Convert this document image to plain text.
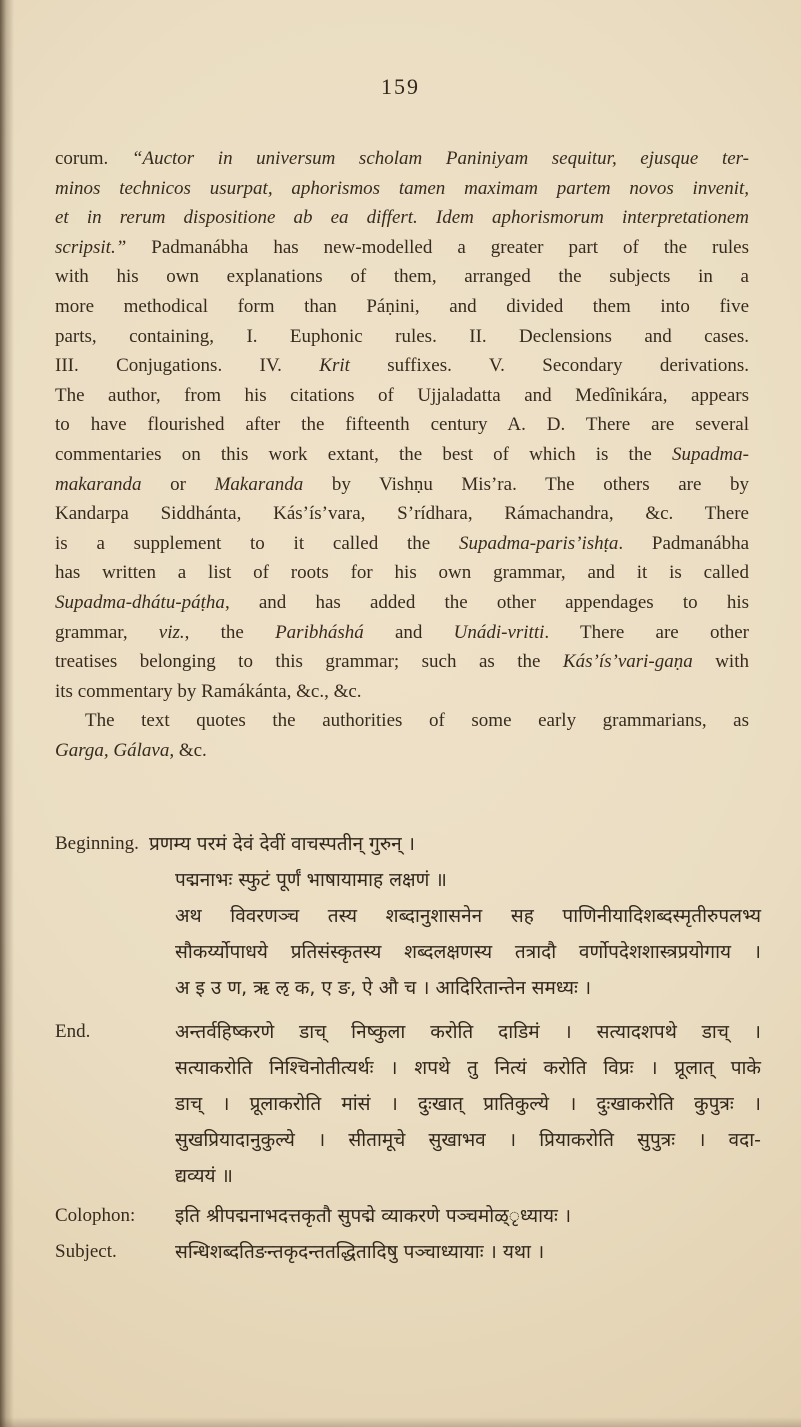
159
corum. “Auctor in universum scholam Paniniyam sequitur, ejusque ter-
minos technicos usurpat, aphorismos tamen maximam partem novos invenit,
et in rerum dispositione ab ea differt. Idem aphorismorum interpretationem
scripsit.” Padmanábha has new-modelled a greater part of the rules
with his own explanations of them, arranged the subjects in a
more methodical form than Páṇini, and divided them into five
parts, containing, I. Euphonic rules. II. Declensions and cases.
III. Conjugations. IV. Krit suffixes. V. Secondary derivations.
The author, from his citations of Ujjaladatta and Medînikára, appears
to have flourished after the fifteenth century A. D. There are several
commentaries on this work extant, the best of which is the Supadma-
makaranda or Makaranda by Vishṇu Mis’ra. The others are by
Kandarpa Siddhánta, Kás’ís’vara, S’rídhara, Rámachandra, &c. There
is a supplement to it called the Supadma-paris’ishṭa. Padmanábha
has written a list of roots for his own grammar, and it is called
Supadma-dhátu-páṭha, and has added the other appendages to his
grammar, viz., the Paribháshá and Unádi-vritti. There are other
treatises belonging to this grammar; such as the Kás’ís’vari-gaṇa with
its commentary by Ramákánta, &c., &c.
The text quotes the authorities of some early grammarians, as
Garga, Gálava, &c.
Beginning. प्रणम्य परमं देवं देवीं वाचस्पतीन् गुरुन् ।
पद्मनाभः स्फुटं पूर्णं भाषायामाह लक्षणं ॥
अथ विवरणञ्च तस्य शब्दानुशासनेन सह पाणिनीयादिशब्दस्मृतीरुपलभ्य
सौकर्य्योपाधये प्रतिसंस्कृतस्य शब्दलक्षणस्य तत्रादौ वर्णोपदेशशास्त्रप्रयोगाय ।
अ इ उ ण, ऋ ऌ क, ए ङ, ऐ औ च । आदिरितान्तेन समध्यः ।
End.	अन्तर्वहिष्करणे डाच् निष्कुला करोति दाडिमं । सत्यादशपथे डाच् ।
सत्याकरोति निश्चिनोतीत्यर्थः । शपथे तु नित्यं करोति विप्रः । प्रूलात् पाके
डाच् । प्रूलाकरोति मांसं । दुःखात् प्रातिकुल्ये । दुःखाकरोति कुपुत्रः ।
सुखप्रियादानुकुल्ये । सीतामूचे सुखाभव । प्रियाकरोति सुपुत्रः । वदा-
द्यव्ययं ॥
Colophon:	इति श्रीपद्मनाभदत्तकृतौ सुपद्मे व्याकरणे पञ्चमोळ्ृध्यायः ।
Subject.	सन्धिशब्दतिङन्तकृदन्ततद्धितादिषु पञ्चाध्यायाः । यथा ।
